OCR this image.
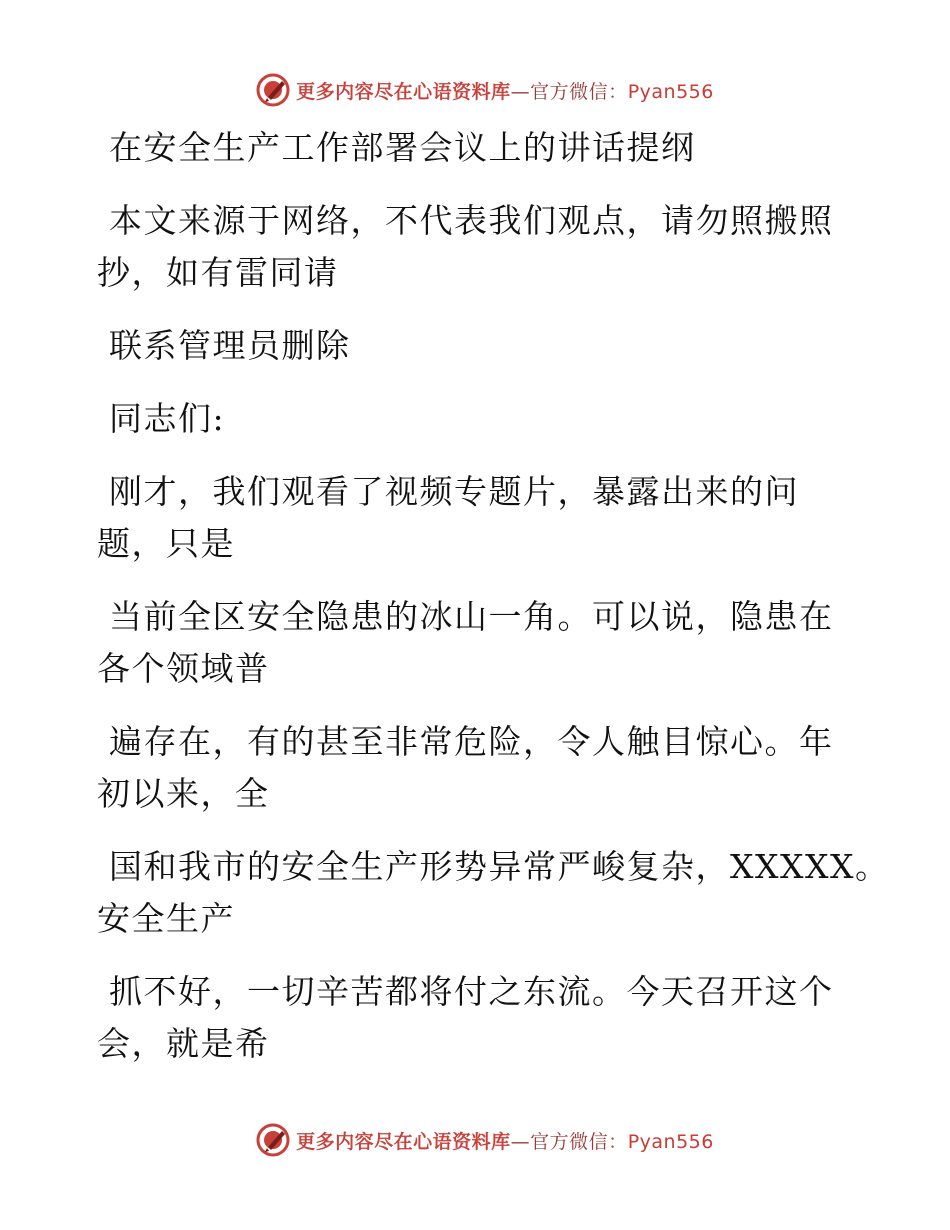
更多内容尽在心语资料库—官方微信：Pyan556
在安全生产工作部署会议上的讲话提纲
本文来源于网络，不代表我们观点，请勿照搬照
抄，如有雷同请
联系管理员删除
同志们:
刚才，我们观看了视频专题片，暴露出来的问
题，只是
当前全区安全隐患的冰山一角。可以说，隐患在
各个领域普
遍存在，有的甚至非常危险，令人触目惊心。年
初以来，全
国和我市的安全生产形势异常严峻复杂，XXXXX。
安全生产
抓不好，一切辛苦都将付之东流。今天召开这个
会，就是希
更多内容尽在心语资料库—官方微信：Pyan556
